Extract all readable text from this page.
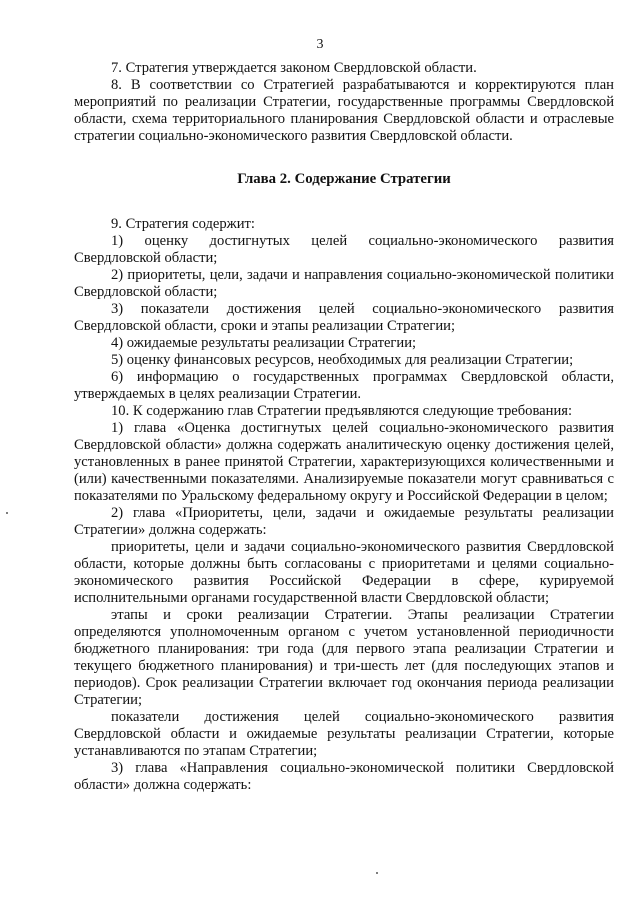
3

7. Стратегия утверждается законом Свердловской области.

8. В соответствии со Стратегией разрабатываются и корректируются план мероприятий по реализации Стратегии, государственные программы Свердловской области, схема территориального планирования Свердловской области и отраслевые стратегии социально-экономического развития Свердловской области.

Глава 2. Содержание Стратегии

9. Стратегия содержит:

1) оценку достигнутых целей социально-экономического развития Свердловской области;

2) приоритеты, цели, задачи и направления социально-экономической политики Свердловской области;

3) показатели достижения целей социально-экономического развития Свердловской области, сроки и этапы реализации Стратегии;

4) ожидаемые результаты реализации Стратегии;

5) оценку финансовых ресурсов, необходимых для реализации Стратегии;

6) информацию о государственных программах Свердловской области, утверждаемых в целях реализации Стратегии.

10. К содержанию глав Стратегии предъявляются следующие требования:

1) глава «Оценка достигнутых целей социально-экономического развития Свердловской области» должна содержать аналитическую оценку достижения целей, установленных в ранее принятой Стратегии, характеризующихся количественными и (или) качественными показателями. Анализируемые показатели могут сравниваться с показателями по Уральскому федеральному округу и Российской Федерации в целом;

2) глава «Приоритеты, цели, задачи и ожидаемые результаты реализации Стратегии» должна содержать:

приоритеты, цели и задачи социально-экономического развития Свердловской области, которые должны быть согласованы с приоритетами и целями социально-экономического развития Российской Федерации в сфере, курируемой исполнительными органами государственной власти Свердловской области;

этапы и сроки реализации Стратегии. Этапы реализации Стратегии определяются уполномоченным органом с учетом установленной периодичности бюджетного планирования: три года (для первого этапа реализации Стратегии и текущего бюджетного планирования) и три-шесть лет (для последующих этапов и периодов). Срок реализации Стратегии включает год окончания периода реализации Стратегии;

показатели достижения целей социально-экономического развития Свердловской области и ожидаемые результаты реализации Стратегии, которые устанавливаются по этапам Стратегии;

3) глава «Направления социально-экономической политики Свердловской области» должна содержать:
